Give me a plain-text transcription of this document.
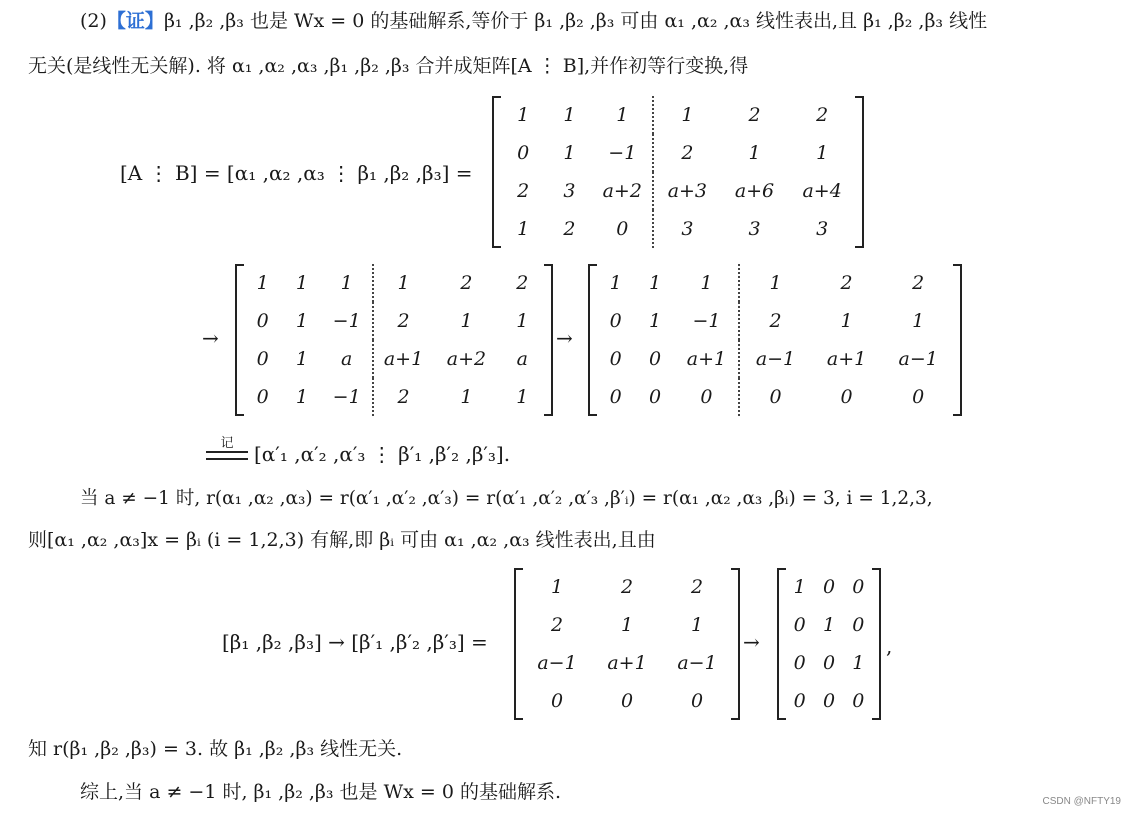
(2)【证】β₁ ,β₂ ,β₃ 也是 Wx = 0 的基础解系,等价于 β₁ ,β₂ ,β₃ 可由 α₁ ,α₂ ,α₃ 线性表出,且 β₁ ,β₂ ,β₃ 线性
无关(是线性无关解). 将 α₁ ,α₂ ,α₃ ,β₁ ,β₂ ,β₃ 合并成矩阵[A ⋮ B],并作初等行变换,得
[A ⋮ B] = [α₁ ,α₂ ,α₃ ⋮ β₁ ,β₂ ,β₃] =
1	1	1	1	2	2
0	1	−1	2	1	1
2	3	a+2	a+3	a+6	a+4
1	2	0	3	3	3
→
1	1	1	1	2	2
0	1	−1	2	1	1
0	1	a	a+1	a+2	a
0	1	−1	2	1	1
→
1	1	1	1	2	2
0	1	−1	2	1	1
0	0	a+1	a−1	a+1	a−1
0	0	0	0	0	0
记	[α′₁ ,α′₂ ,α′₃ ⋮ β′₁ ,β′₂ ,β′₃].
当 a ≠ −1 时, r(α₁ ,α₂ ,α₃) = r(α′₁ ,α′₂ ,α′₃) = r(α′₁ ,α′₂ ,α′₃ ,β′ᵢ) = r(α₁ ,α₂ ,α₃ ,βᵢ) = 3, i = 1,2,3,
则[α₁ ,α₂ ,α₃]x = βᵢ (i = 1,2,3) 有解,即 βᵢ 可由 α₁ ,α₂ ,α₃ 线性表出,且由
[β₁ ,β₂ ,β₃] → [β′₁ ,β′₂ ,β′₃] =
1	2	2
2	1	1
a−1	a+1	a−1
0	0	0
→
1	0	0
0	1	0
0	0	1
0	0	0
,
知 r(β₁ ,β₂ ,β₃) = 3. 故 β₁ ,β₂ ,β₃ 线性无关.
综上,当 a ≠ −1 时, β₁ ,β₂ ,β₃ 也是 Wx = 0 的基础解系.	CSDN @NFTY19
